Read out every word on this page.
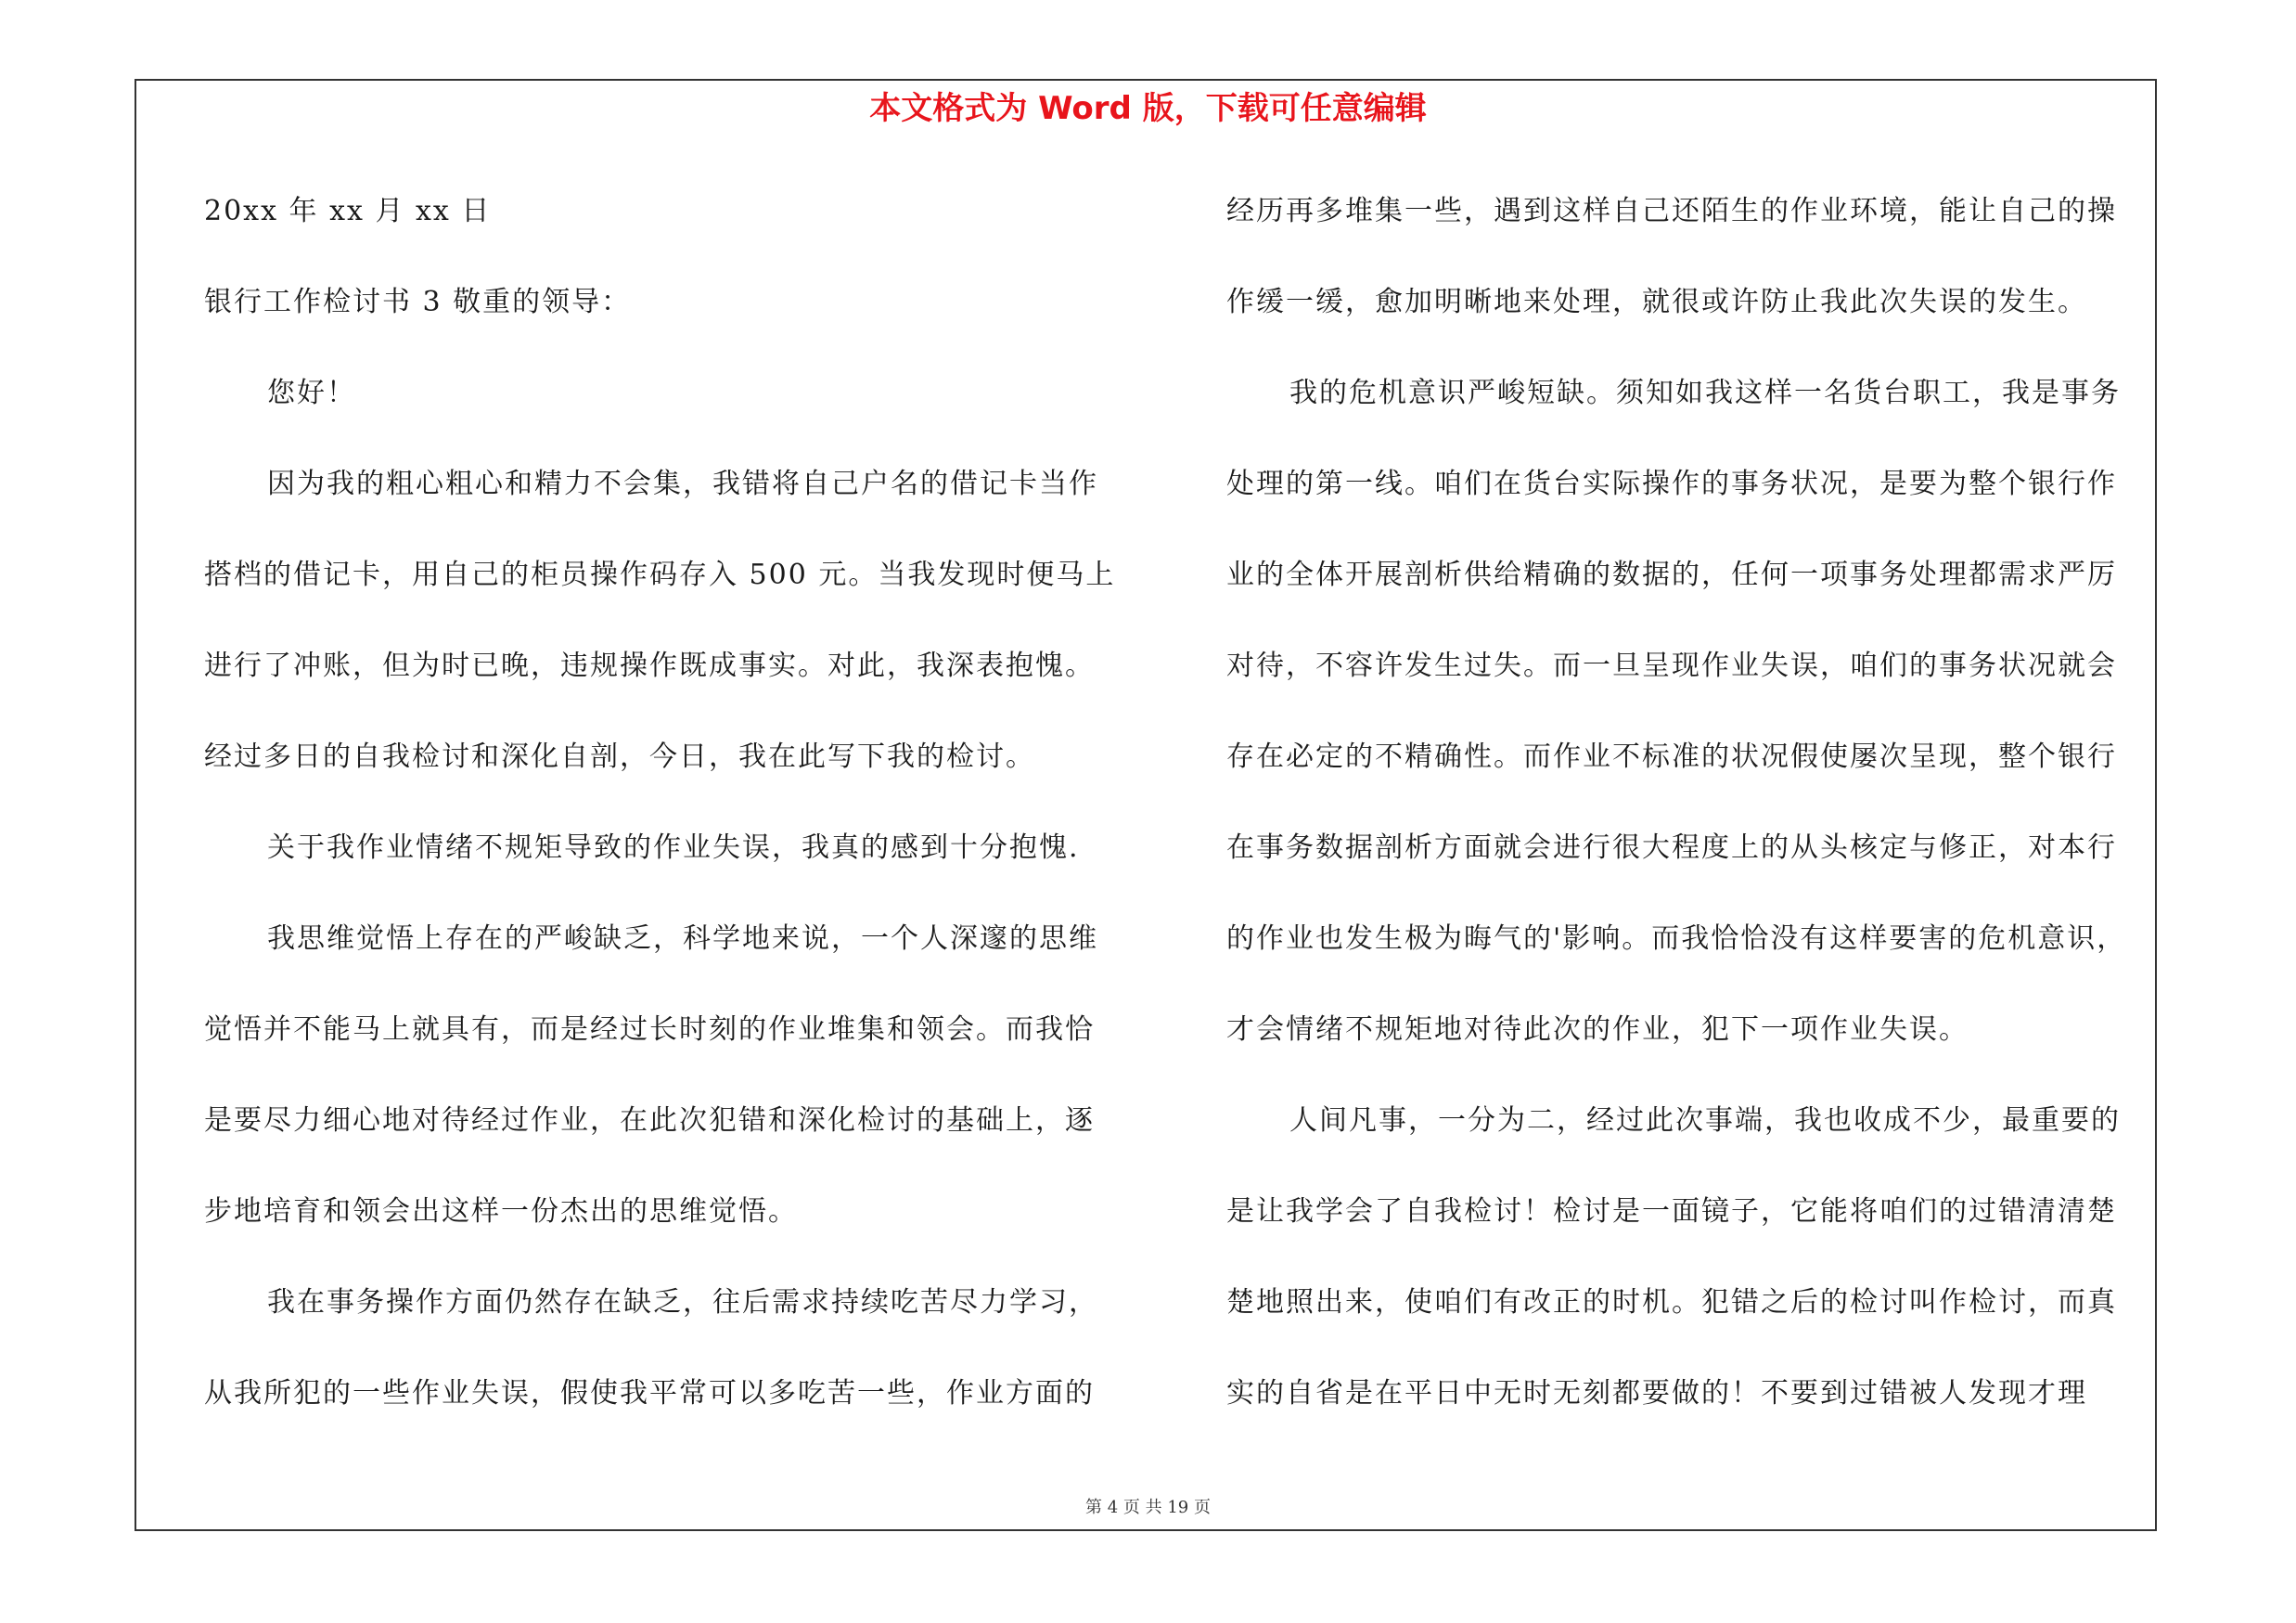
本文格式为 Word 版，下载可任意编辑
20xx 年 xx 月 xx 日
银行工作检讨书 3 敬重的领导：
您好！
因为我的粗心粗心和精力不会集，我错将自己户名的借记卡当作
搭档的借记卡，用自己的柜员操作码存入 500 元。当我发现时便马上
进行了冲账，但为时已晚，违规操作既成事实。对此，我深表抱愧。
经过多日的自我检讨和深化自剖，今日，我在此写下我的检讨。
关于我作业情绪不规矩导致的作业失误，我真的感到十分抱愧.
我思维觉悟上存在的严峻缺乏，科学地来说，一个人深邃的思维
觉悟并不能马上就具有，而是经过长时刻的作业堆集和领会。而我恰
是要尽力细心地对待经过作业，在此次犯错和深化检讨的基础上，逐
步地培育和领会出这样一份杰出的思维觉悟。
我在事务操作方面仍然存在缺乏，往后需求持续吃苦尽力学习，
从我所犯的一些作业失误，假使我平常可以多吃苦一些，作业方面的
经历再多堆集一些，遇到这样自己还陌生的作业环境，能让自己的操
作缓一缓，愈加明晰地来处理，就很或许防止我此次失误的发生。
我的危机意识严峻短缺。须知如我这样一名货台职工，我是事务
处理的第一线。咱们在货台实际操作的事务状况，是要为整个银行作
业的全体开展剖析供给精确的数据的，任何一项事务处理都需求严厉
对待，不容许发生过失。而一旦呈现作业失误，咱们的事务状况就会
存在必定的不精确性。而作业不标准的状况假使屡次呈现，整个银行
在事务数据剖析方面就会进行很大程度上的从头核定与修正，对本行
的作业也发生极为晦气的'影响。而我恰恰没有这样要害的危机意识，
才会情绪不规矩地对待此次的作业，犯下一项作业失误。
人间凡事，一分为二，经过此次事端，我也收成不少，最重要的
是让我学会了自我检讨！检讨是一面镜子，它能将咱们的过错清清楚
楚地照出来，使咱们有改正的时机。犯错之后的检讨叫作检讨，而真
实的自省是在平日中无时无刻都要做的！不要到过错被人发现才理
第 4 页 共 19 页
